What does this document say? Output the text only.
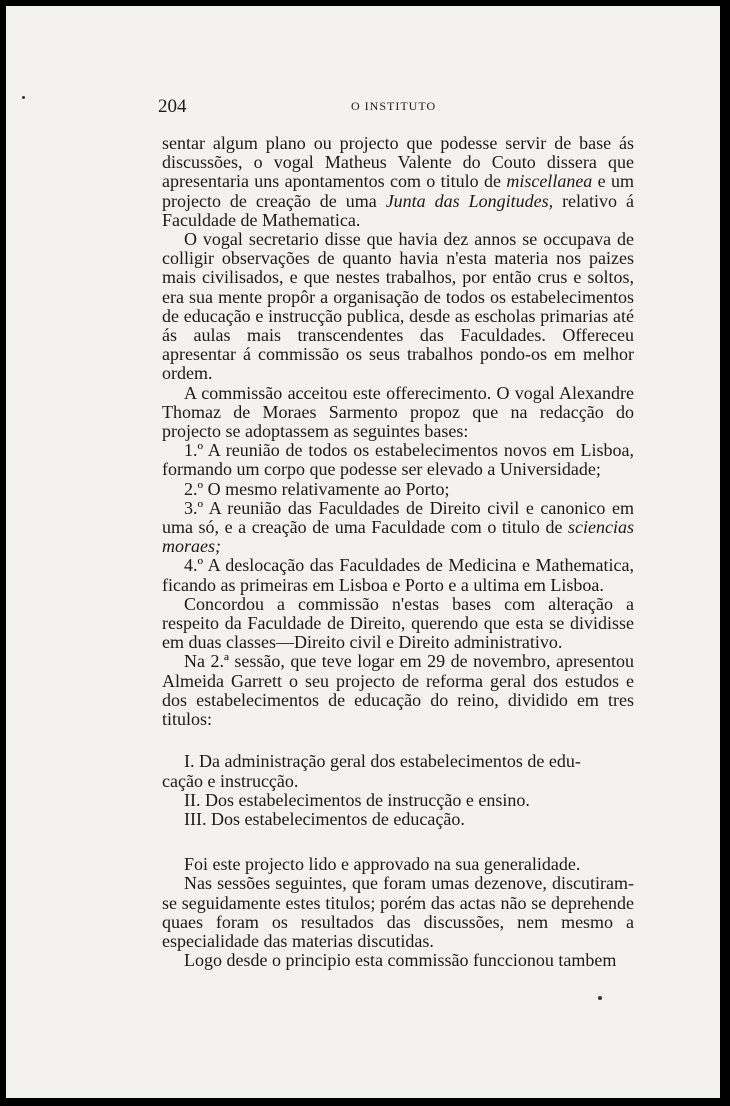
204	O INSTITUTO

sentar algum plano ou projecto que podesse servir de base ás discussões, o vogal Matheus Valente do Couto dissera que apresentaria uns apontamentos com o titulo de miscellanea e um projecto de creação de uma Junta das Longitudes, relativo á Faculdade de Mathematica.

O vogal secretario disse que havia dez annos se occupava de colligir observações de quanto havia n'esta materia nos paizes mais civilisados, e que nestes trabalhos, por então crus e soltos, era sua mente propôr a organisação de todos os estabelecimentos de educação e instrucção publica, desde as escholas primarias até ás aulas mais transcendentes das Faculdades. Offereceu apresentar á commissão os seus trabalhos pondo-os em melhor ordem.

A commissão acceitou este offerecimento. O vogal Alexandre Thomaz de Moraes Sarmento propoz que na redacção do projecto se adoptassem as seguintes bases:

1.º A reunião de todos os estabelecimentos novos em Lisboa, formando um corpo que podesse ser elevado a Universidade;

2.º O mesmo relativamente ao Porto;

3.º A reunião das Faculdades de Direito civil e canonico em uma só, e a creação de uma Faculdade com o titulo de sciencias moraes;

4.º A deslocação das Faculdades de Medicina e Mathematica, ficando as primeiras em Lisboa e Porto e a ultima em Lisboa.

Concordou a commissão n'estas bases com alteração a respeito da Faculdade de Direito, querendo que esta se dividisse em duas classes—Direito civil e Direito administrativo.

Na 2.ª sessão, que teve logar em 29 de novembro, apresentou Almeida Garrett o seu projecto de reforma geral dos estudos e dos estabelecimentos de educação do reino, dividido em tres titulos:

I. Da administração geral dos estabelecimentos de edu-

cação e instrucção.

II. Dos estabelecimentos de instrucção e ensino.

III. Dos estabelecimentos de educação.

Foi este projecto lido e approvado na sua generalidade.

Nas sessões seguintes, que foram umas dezenove, discutiram-se seguidamente estes titulos; porém das actas não se deprehende quaes foram os resultados das discussões, nem mesmo a especialidade das materias discutidas.

Logo desde o principio esta commissão funccionou tambem
